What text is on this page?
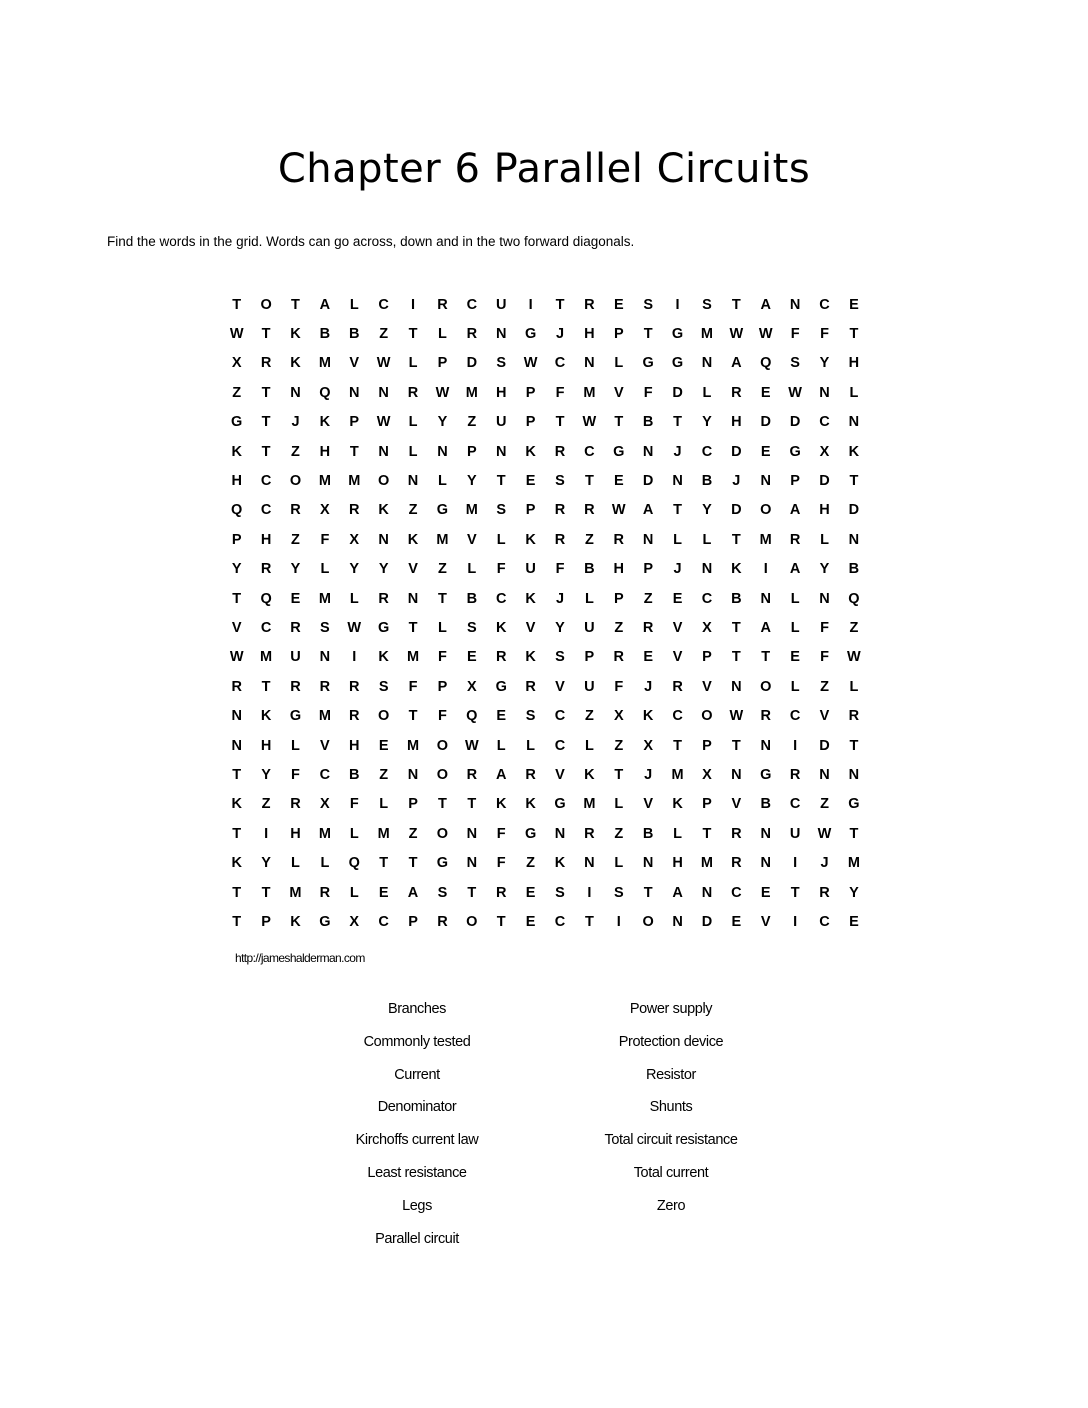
Chapter 6 Parallel Circuits
Find the words in the grid. Words can go across, down and in the two forward diagonals.
T	O	T	A	L	C	I	R	C	U	I	T	R	E	S	I	S	T	A	N	C	E
W	T	K	B	B	Z	T	L	R	N	G	J	H	P	T	G	M	W	W	F	F	T
X	R	K	M	V	W	L	P	D	S	W	C	N	L	G	G	N	A	Q	S	Y	H
Z	T	N	Q	N	N	R	W	M	H	P	F	M	V	F	D	L	R	E	W	N	L
G	T	J	K	P	W	L	Y	Z	U	P	T	W	T	B	T	Y	H	D	D	C	N
K	T	Z	H	T	N	L	N	P	N	K	R	C	G	N	J	C	D	E	G	X	K
H	C	O	M	M	O	N	L	Y	T	E	S	T	E	D	N	B	J	N	P	D	T
Q	C	R	X	R	K	Z	G	M	S	P	R	R	W	A	T	Y	D	O	A	H	D
P	H	Z	F	X	N	K	M	V	L	K	R	Z	R	N	L	L	T	M	R	L	N
Y	R	Y	L	Y	Y	V	Z	L	F	U	F	B	H	P	J	N	K	I	A	Y	B
T	Q	E	M	L	R	N	T	B	C	K	J	L	P	Z	E	C	B	N	L	N	Q
V	C	R	S	W	G	T	L	S	K	V	Y	U	Z	R	V	X	T	A	L	F	Z
W	M	U	N	I	K	M	F	E	R	K	S	P	R	E	V	P	T	T	E	F	W
R	T	R	R	R	S	F	P	X	G	R	V	U	F	J	R	V	N	O	L	Z	L
N	K	G	M	R	O	T	F	Q	E	S	C	Z	X	K	C	O	W	R	C	V	R
N	H	L	V	H	E	M	O	W	L	L	C	L	Z	X	T	P	T	N	I	D	T
T	Y	F	C	B	Z	N	O	R	A	R	V	K	T	J	M	X	N	G	R	N	N
K	Z	R	X	F	L	P	T	T	K	K	G	M	L	V	K	P	V	B	C	Z	G
T	I	H	M	L	M	Z	O	N	F	G	N	R	Z	B	L	T	R	N	U	W	T
K	Y	L	L	Q	T	T	G	N	F	Z	K	N	L	N	H	M	R	N	I	J	M
T	T	M	R	L	E	A	S	T	R	E	S	I	S	T	A	N	C	E	T	R	Y
T	P	K	G	X	C	P	R	O	T	E	C	T	I	O	N	D	E	V	I	C	E
http://jameshalderman.com
Branches
Commonly tested
Current
Denominator
Kirchoffs current law
Least resistance
Legs
Parallel circuit
Power supply
Protection device
Resistor
Shunts
Total circuit resistance
Total current
Zero
